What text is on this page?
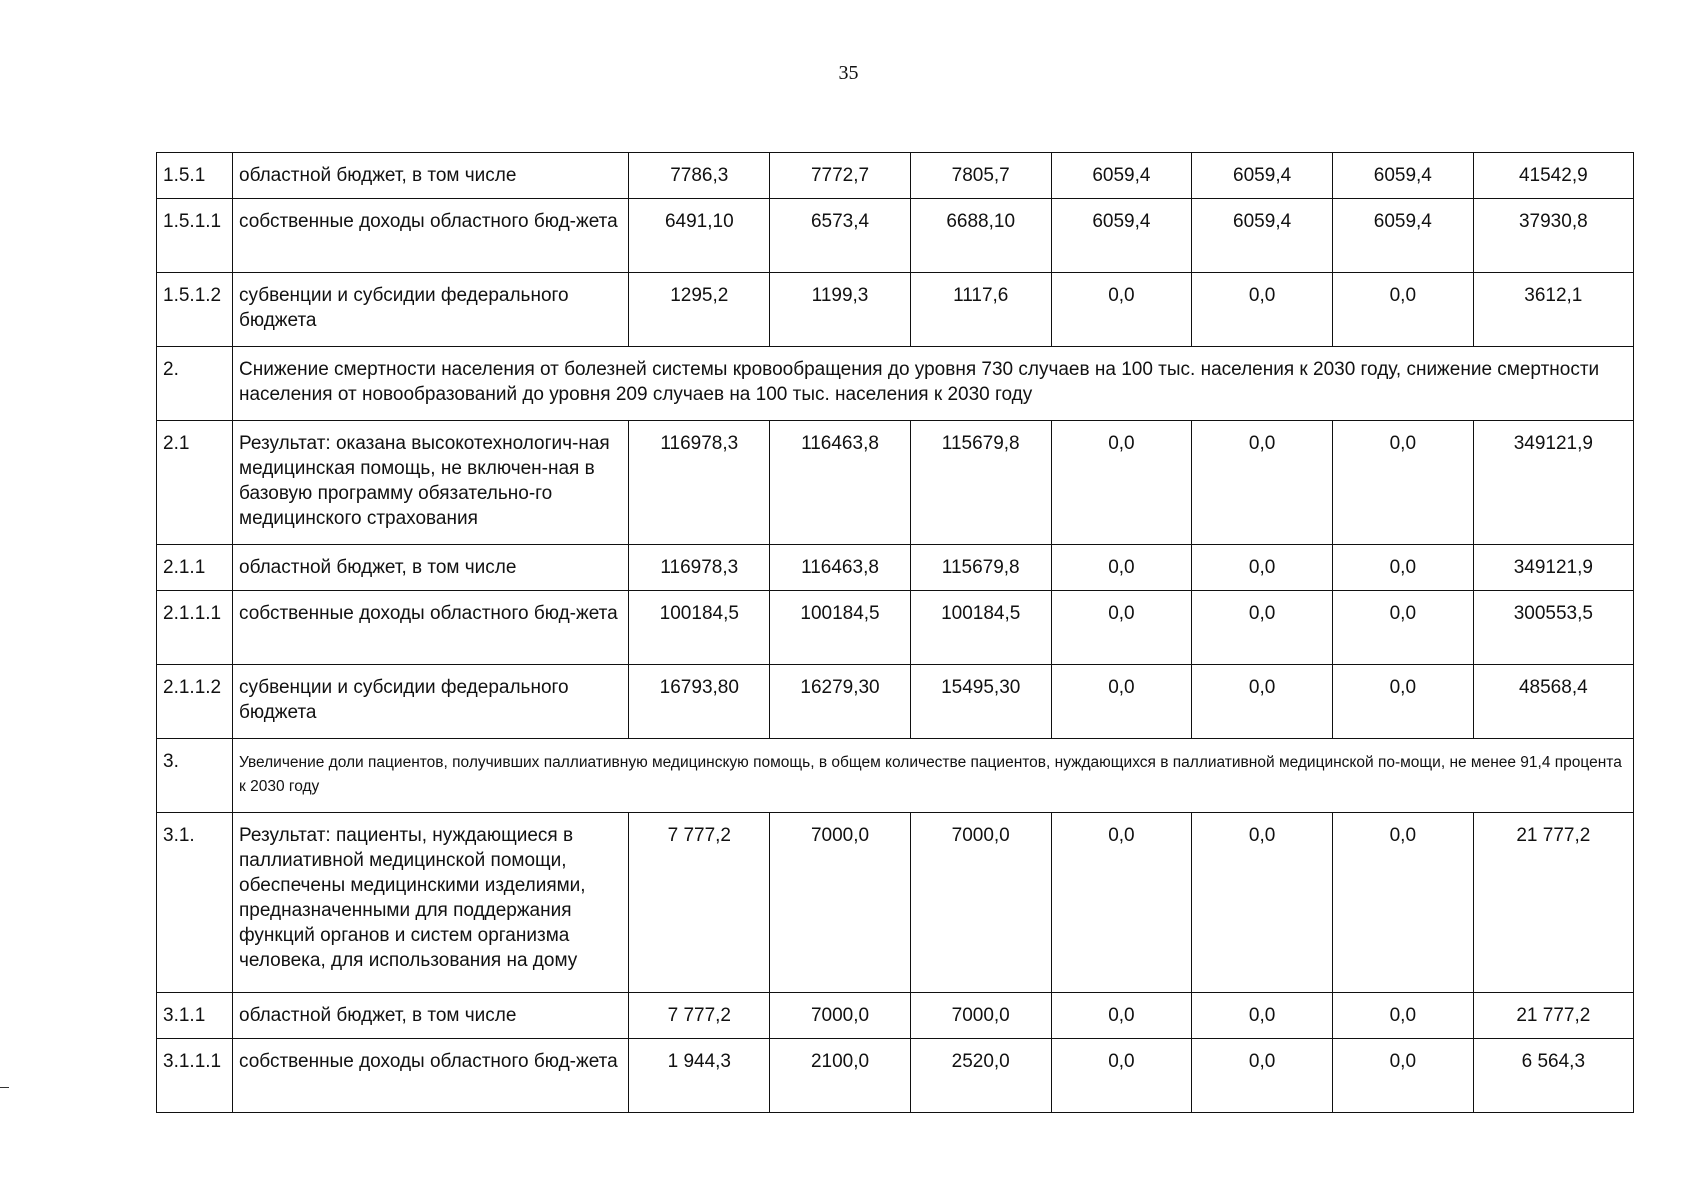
35
1.5.1	областной бюджет, в том числе	7786,3	7772,7	7805,7	6059,4	6059,4	6059,4	41542,9
1.5.1.1	собственные доходы областного бюд-жета	6491,10	6573,4	6688,10	6059,4	6059,4	6059,4	37930,8
1.5.1.2	субвенции и субсидии федерального бюджета	1295,2	1199,3	1117,6	0,0	0,0	0,0	3612,1
2.	Снижение смертности населения от болезней системы кровообращения до уровня 730 случаев на 100 тыс. населения к 2030 году, снижение смертности населения от новообразований до уровня 209 случаев на 100 тыс. населения к 2030 году							
2.1	Результат: оказана высокотехнологич-ная медицинская помощь, не включен-ная в базовую программу обязательно-го медицинского страхования	116978,3	116463,8	115679,8	0,0	0,0	0,0	349121,9
2.1.1	областной бюджет, в том числе	116978,3	116463,8	115679,8	0,0	0,0	0,0	349121,9
2.1.1.1	собственные доходы областного бюд-жета	100184,5	100184,5	100184,5	0,0	0,0	0,0	300553,5
2.1.1.2	субвенции и субсидии федерального бюджета	16793,80	16279,30	15495,30	0,0	0,0	0,0	48568,4
3.	Увеличение доли пациентов, получивших паллиативную медицинскую помощь, в общем количестве пациентов, нуждающихся в паллиативной медицинской по-мощи, не менее 91,4 процента к 2030 году							
3.1.	Результат: пациенты, нуждающиеся в паллиативной медицинской помощи, обеспечены медицинскими изделиями, предназначенными для поддержания функций органов и систем организма человека, для использования на дому	7 777,2	7000,0	7000,0	0,0	0,0	0,0	21 777,2
3.1.1	областной бюджет, в том числе	7 777,2	7000,0	7000,0	0,0	0,0	0,0	21 777,2
3.1.1.1	собственные доходы областного бюд-жета	1 944,3	2100,0	2520,0	0,0	0,0	0,0	6 564,3
